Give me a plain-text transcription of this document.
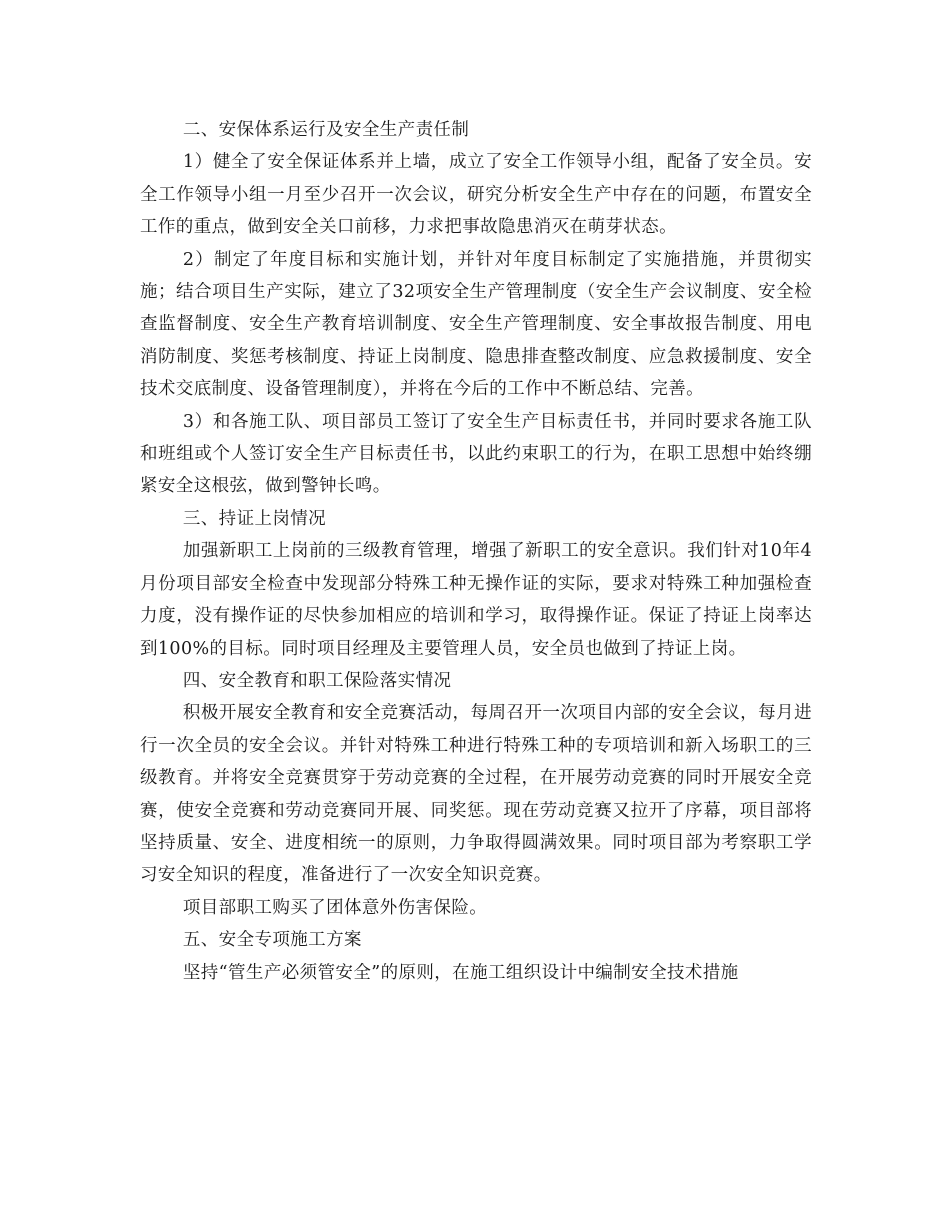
二、安保体系运行及安全生产责任制

1）健全了安全保证体系并上墙，成立了安全工作领导小组，配备了安全员。安全工作领导小组一月至少召开一次会议，研究分析安全生产中存在的问题，布置安全工作的重点，做到安全关口前移，力求把事故隐患消灭在萌芽状态。

2）制定了年度目标和实施计划，并针对年度目标制定了实施措施，并贯彻实施；结合项目生产实际，建立了32项安全生产管理制度（安全生产会议制度、安全检查监督制度、安全生产教育培训制度、安全生产管理制度、安全事故报告制度、用电消防制度、奖惩考核制度、持证上岗制度、隐患排查整改制度、应急救援制度、安全技术交底制度、设备管理制度），并将在今后的工作中不断总结、完善。

3）和各施工队、项目部员工签订了安全生产目标责任书，并同时要求各施工队和班组或个人签订安全生产目标责任书，以此约束职工的行为，在职工思想中始终绷紧安全这根弦，做到警钟长鸣。

三、持证上岗情况

加强新职工上岗前的三级教育管理，增强了新职工的安全意识。我们针对10年4月份项目部安全检查中发现部分特殊工种无操作证的实际，要求对特殊工种加强检查力度，没有操作证的尽快参加相应的培训和学习，取得操作证。保证了持证上岗率达到100%的目标。同时项目经理及主要管理人员，安全员也做到了持证上岗。

四、安全教育和职工保险落实情况

积极开展安全教育和安全竞赛活动，每周召开一次项目内部的安全会议，每月进行一次全员的安全会议。并针对特殊工种进行特殊工种的专项培训和新入场职工的三级教育。并将安全竞赛贯穿于劳动竞赛的全过程，在开展劳动竞赛的同时开展安全竞赛，使安全竞赛和劳动竞赛同开展、同奖惩。现在劳动竞赛又拉开了序幕，项目部将坚持质量、安全、进度相统一的原则，力争取得圆满效果。同时项目部为考察职工学习安全知识的程度，准备进行了一次安全知识竞赛。

项目部职工购买了团体意外伤害保险。

五、安全专项施工方案

坚持“管生产必须管安全”的原则，在施工组织设计中编制安全技术措施
